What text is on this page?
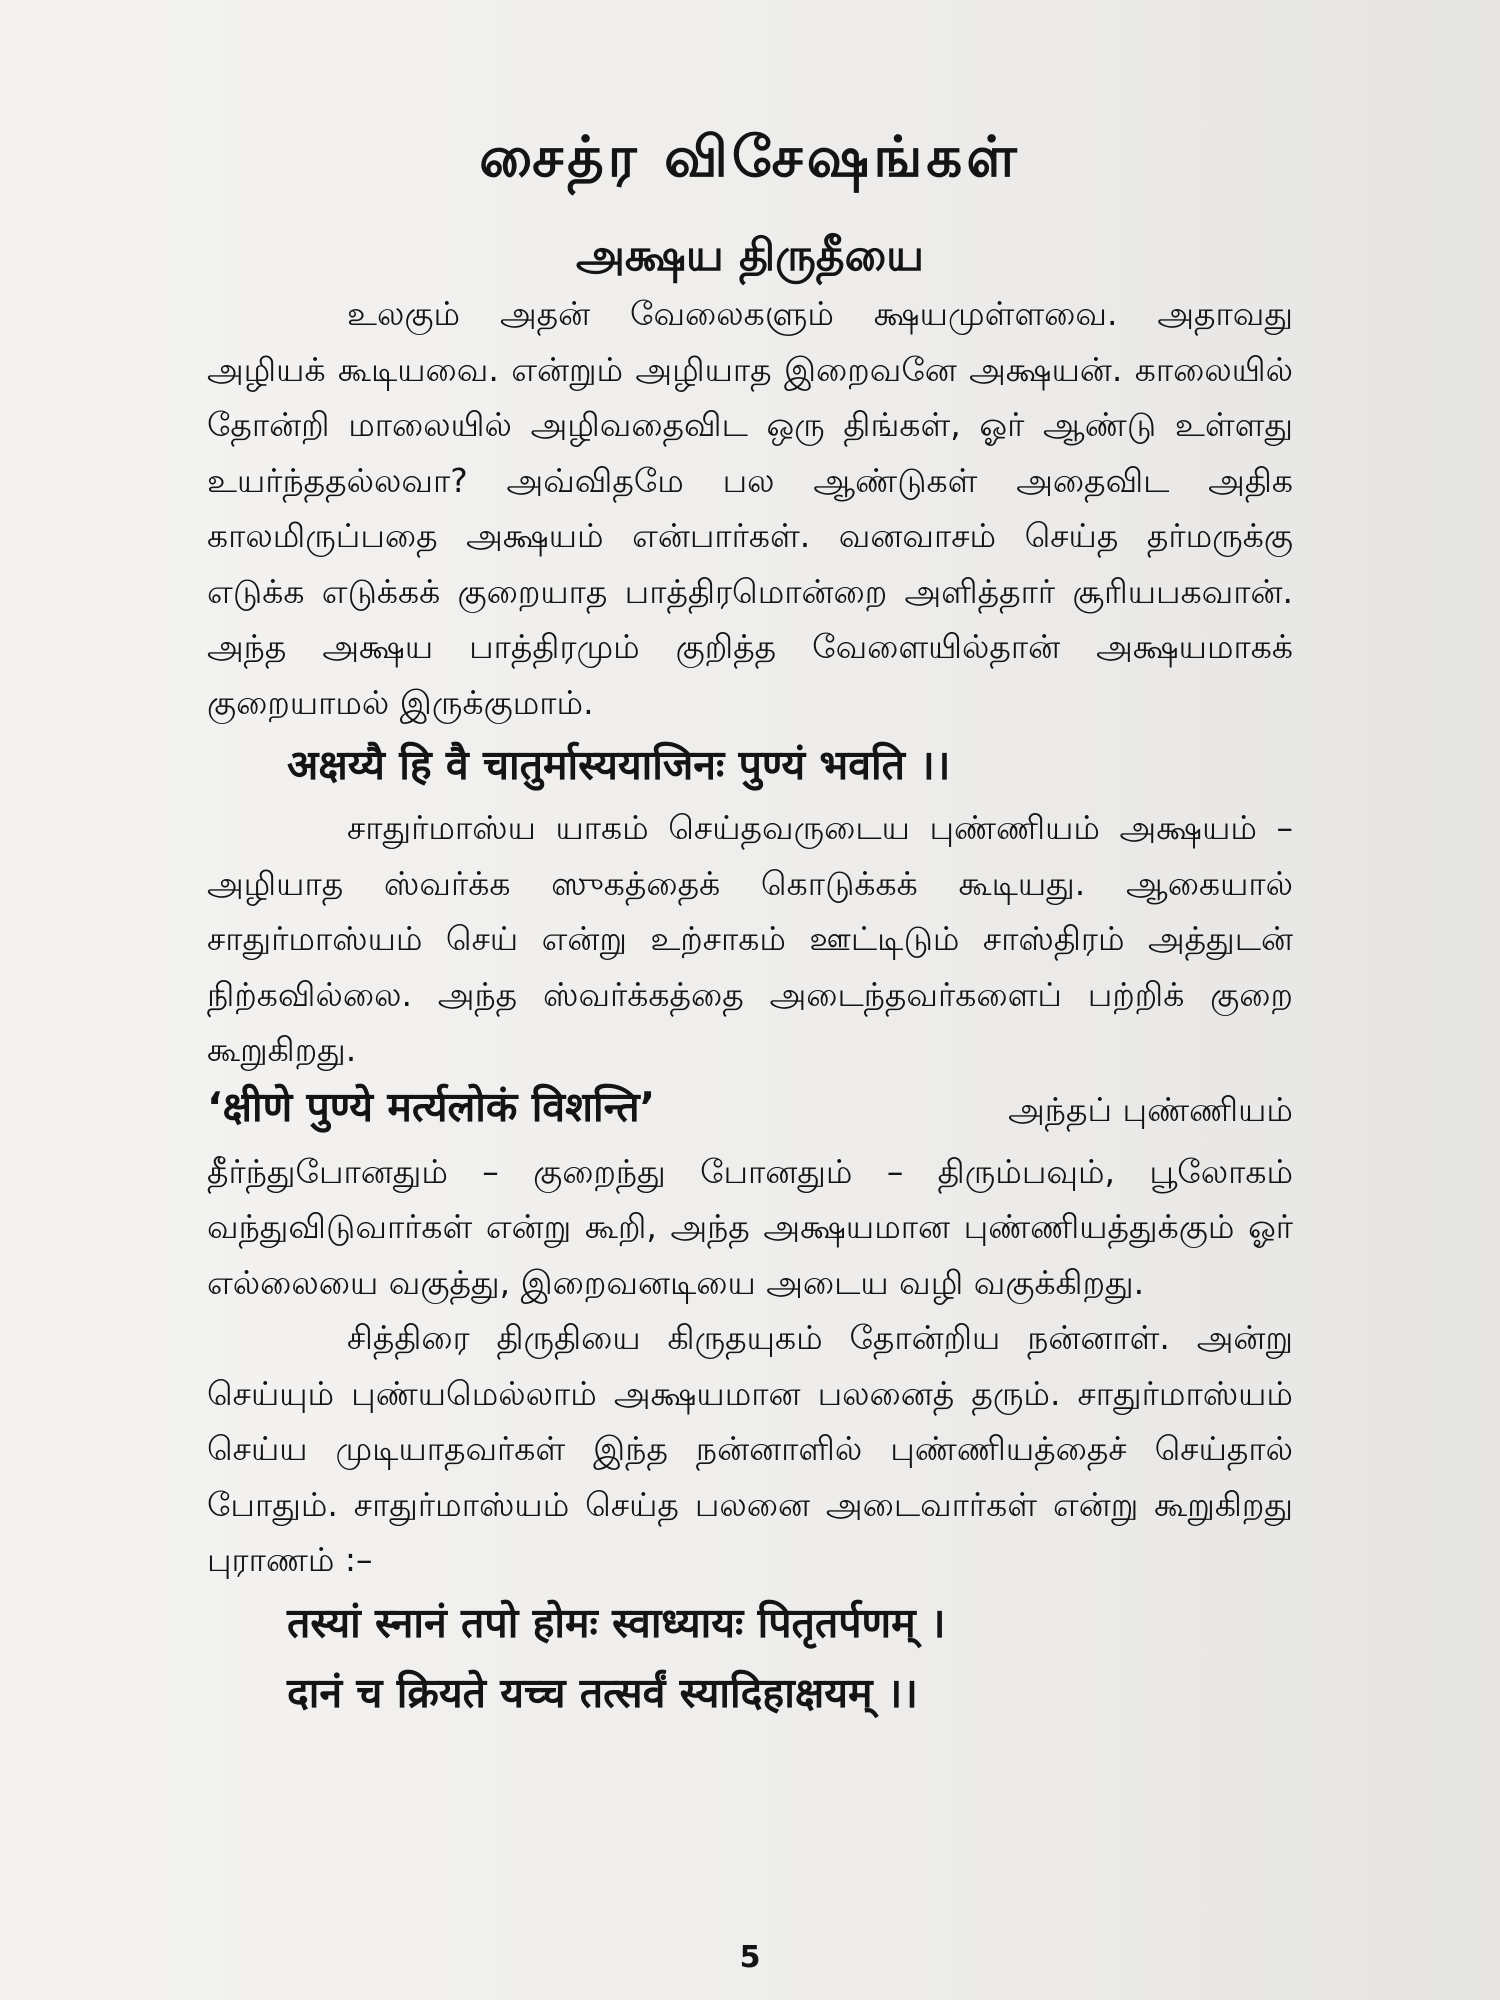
சைத்ர விசேஷங்கள்
அக்ஷய திருதீயை

உலகும் அதன் வேலைகளும் க்ஷயமுள்ளவை. அதாவது அழியக் கூடியவை. என்றும் அழியாத இறைவனே அக்ஷயன். காலையில் தோன்றி மாலையில் அழிவதைவிட ஒரு திங்கள், ஓர் ஆண்டு உள்ளது உயர்ந்ததல்லவா? அவ்விதமே பல ஆண்டுகள் அதைவிட அதிக காலமிருப்பதை அக்ஷயம் என்பார்கள். வனவாசம் செய்த தர்மருக்கு எடுக்க எடுக்கக் குறையாத பாத்திரமொன்றை அளித்தார் சூரியபகவான். அந்த அக்ஷய பாத்திரமும் குறித்த வேளையில்தான் அக்ஷயமாகக் குறையாமல் இருக்குமாம்.

अक्षय्यै हि वै चातुर्मास्ययाजिनः पुण्यं भवति ।।

சாதுர்மாஸ்ய யாகம் செய்தவருடைய புண்ணியம் அக்ஷயம் – அழியாத ஸ்வர்க்க ஸுகத்தைக் கொடுக்கக் கூடியது. ஆகையால் சாதுர்மாஸ்யம் செய் என்று உற்சாகம் ஊட்டிடும் சாஸ்திரம் அத்துடன் நிற்கவில்லை. அந்த ஸ்வர்க்கத்தை அடைந்தவர்களைப் பற்றிக் குறை கூறுகிறது.

‘क्षीणे पुण्ये मर्त्यलोकं विशन्ति’	அந்தப் புண்ணியம்

தீர்ந்துபோனதும் – குறைந்து போனதும் – திரும்பவும், பூலோகம் வந்துவிடுவார்கள் என்று கூறி, அந்த அக்ஷயமான புண்ணியத்துக்கும் ஓர் எல்லையை வகுத்து, இறைவனடியை அடைய வழி வகுக்கிறது.

சித்திரை திருதியை கிருதயுகம் தோன்றிய நன்னாள். அன்று செய்யும் புண்யமெல்லாம் அக்ஷயமான பலனைத் தரும். சாதுர்மாஸ்யம் செய்ய முடியாதவர்கள் இந்த நன்னாளில் புண்ணியத்தைச் செய்தால் போதும். சாதுர்மாஸ்யம் செய்த பலனை அடைவார்கள் என்று கூறுகிறது புராணம் :–

तस्यां स्नानं तपो होमः स्वाध्यायः पितृतर्पणम् ।

दानं च क्रियते यच्च तत्सर्वं स्यादिहाक्षयम् ।।

5
